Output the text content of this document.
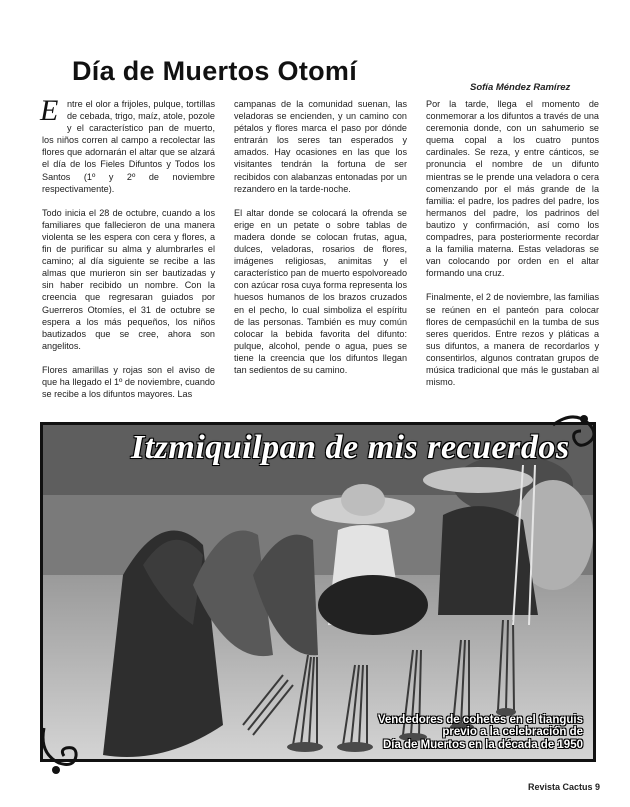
Día de Muertos Otomí
Sofía Méndez Ramírez

E ntre el olor a frijoles, pulque, tortillas de cebada, trigo, maíz, atole, pozole y el característico pan de muerto, los niños corren al campo a recolectar las flores que adornarán el altar que se alzará el día de los Fieles Difuntos y Todos los Santos (1º y 2º de noviembre respectivamente).

Todo inicia el 28 de octubre, cuando a los familiares que fallecieron de una manera violenta se les espera con cera y flores, a fin de purificar su alma y alumbrarles el camino; al día siguiente se recibe a las almas que murieron sin ser bautizadas y sin haber recibido un nombre. Con la creencia que regresaran guiados por Guerreros Otomíes, el 31 de octubre se espera a los más pequeños, los niños bautizados que se cree, ahora son angelitos.

Flores amarillas y rojas son el aviso de que ha llegado el 1º de noviembre, cuando se recibe a los difuntos mayores. Las

campanas de la comunidad suenan, las veladoras se encienden, y un camino con pétalos y flores marca el paso por dónde entrarán los seres tan esperados y amados. Hay ocasiones en las que los visitantes tendrán la fortuna de ser recibidos con alabanzas entonadas por un rezandero en la tarde-noche.

El altar donde se colocará la ofrenda se erige en un petate o sobre tablas de madera donde se colocan frutas, agua, dulces, veladoras, rosarios de flores, imágenes religiosas, animitas y el característico pan de muerto espolvoreado con azúcar rosa cuya forma representa los huesos humanos de los brazos cruzados en el pecho, lo cual simboliza el espíritu de las personas. También es muy común colocar la bebida favorita del difunto: pulque, alcohol, pende o agua, pues se tiene la creencia que los difuntos llegan tan sedientos de su camino.

Por la tarde, llega el momento de conmemorar a los difuntos a través de una ceremonia donde, con un sahumerio se quema copal a los cuatro puntos cardinales. Se reza, y entre cánticos, se pronuncia el nombre de un difunto mientras se le prende una veladora o cera comenzando por el más grande de la familia: el padre, los padres del padre, los hermanos del padre, los padrinos del bautizo y confirmación, así como los compadres, para posteriormente recordar a la familia materna. Estas veladoras se van colocando por orden en el altar formando una cruz.

Finalmente, el 2 de noviembre, las familias se reúnen en el panteón para colocar flores de cempasúchil en la tumba de sus seres queridos. Entre rezos y pláticas a sus difuntos, a manera de recordarlos y consentirlos, algunos contratan grupos de música tradicional que más le gustaban al mismo.

Itzmiquilpan de mis recuerdos
Vendedores de cohetes en el tianguis
previo a la celebración de
Día de Muertos en la década de 1950
Revista Cactus 9
